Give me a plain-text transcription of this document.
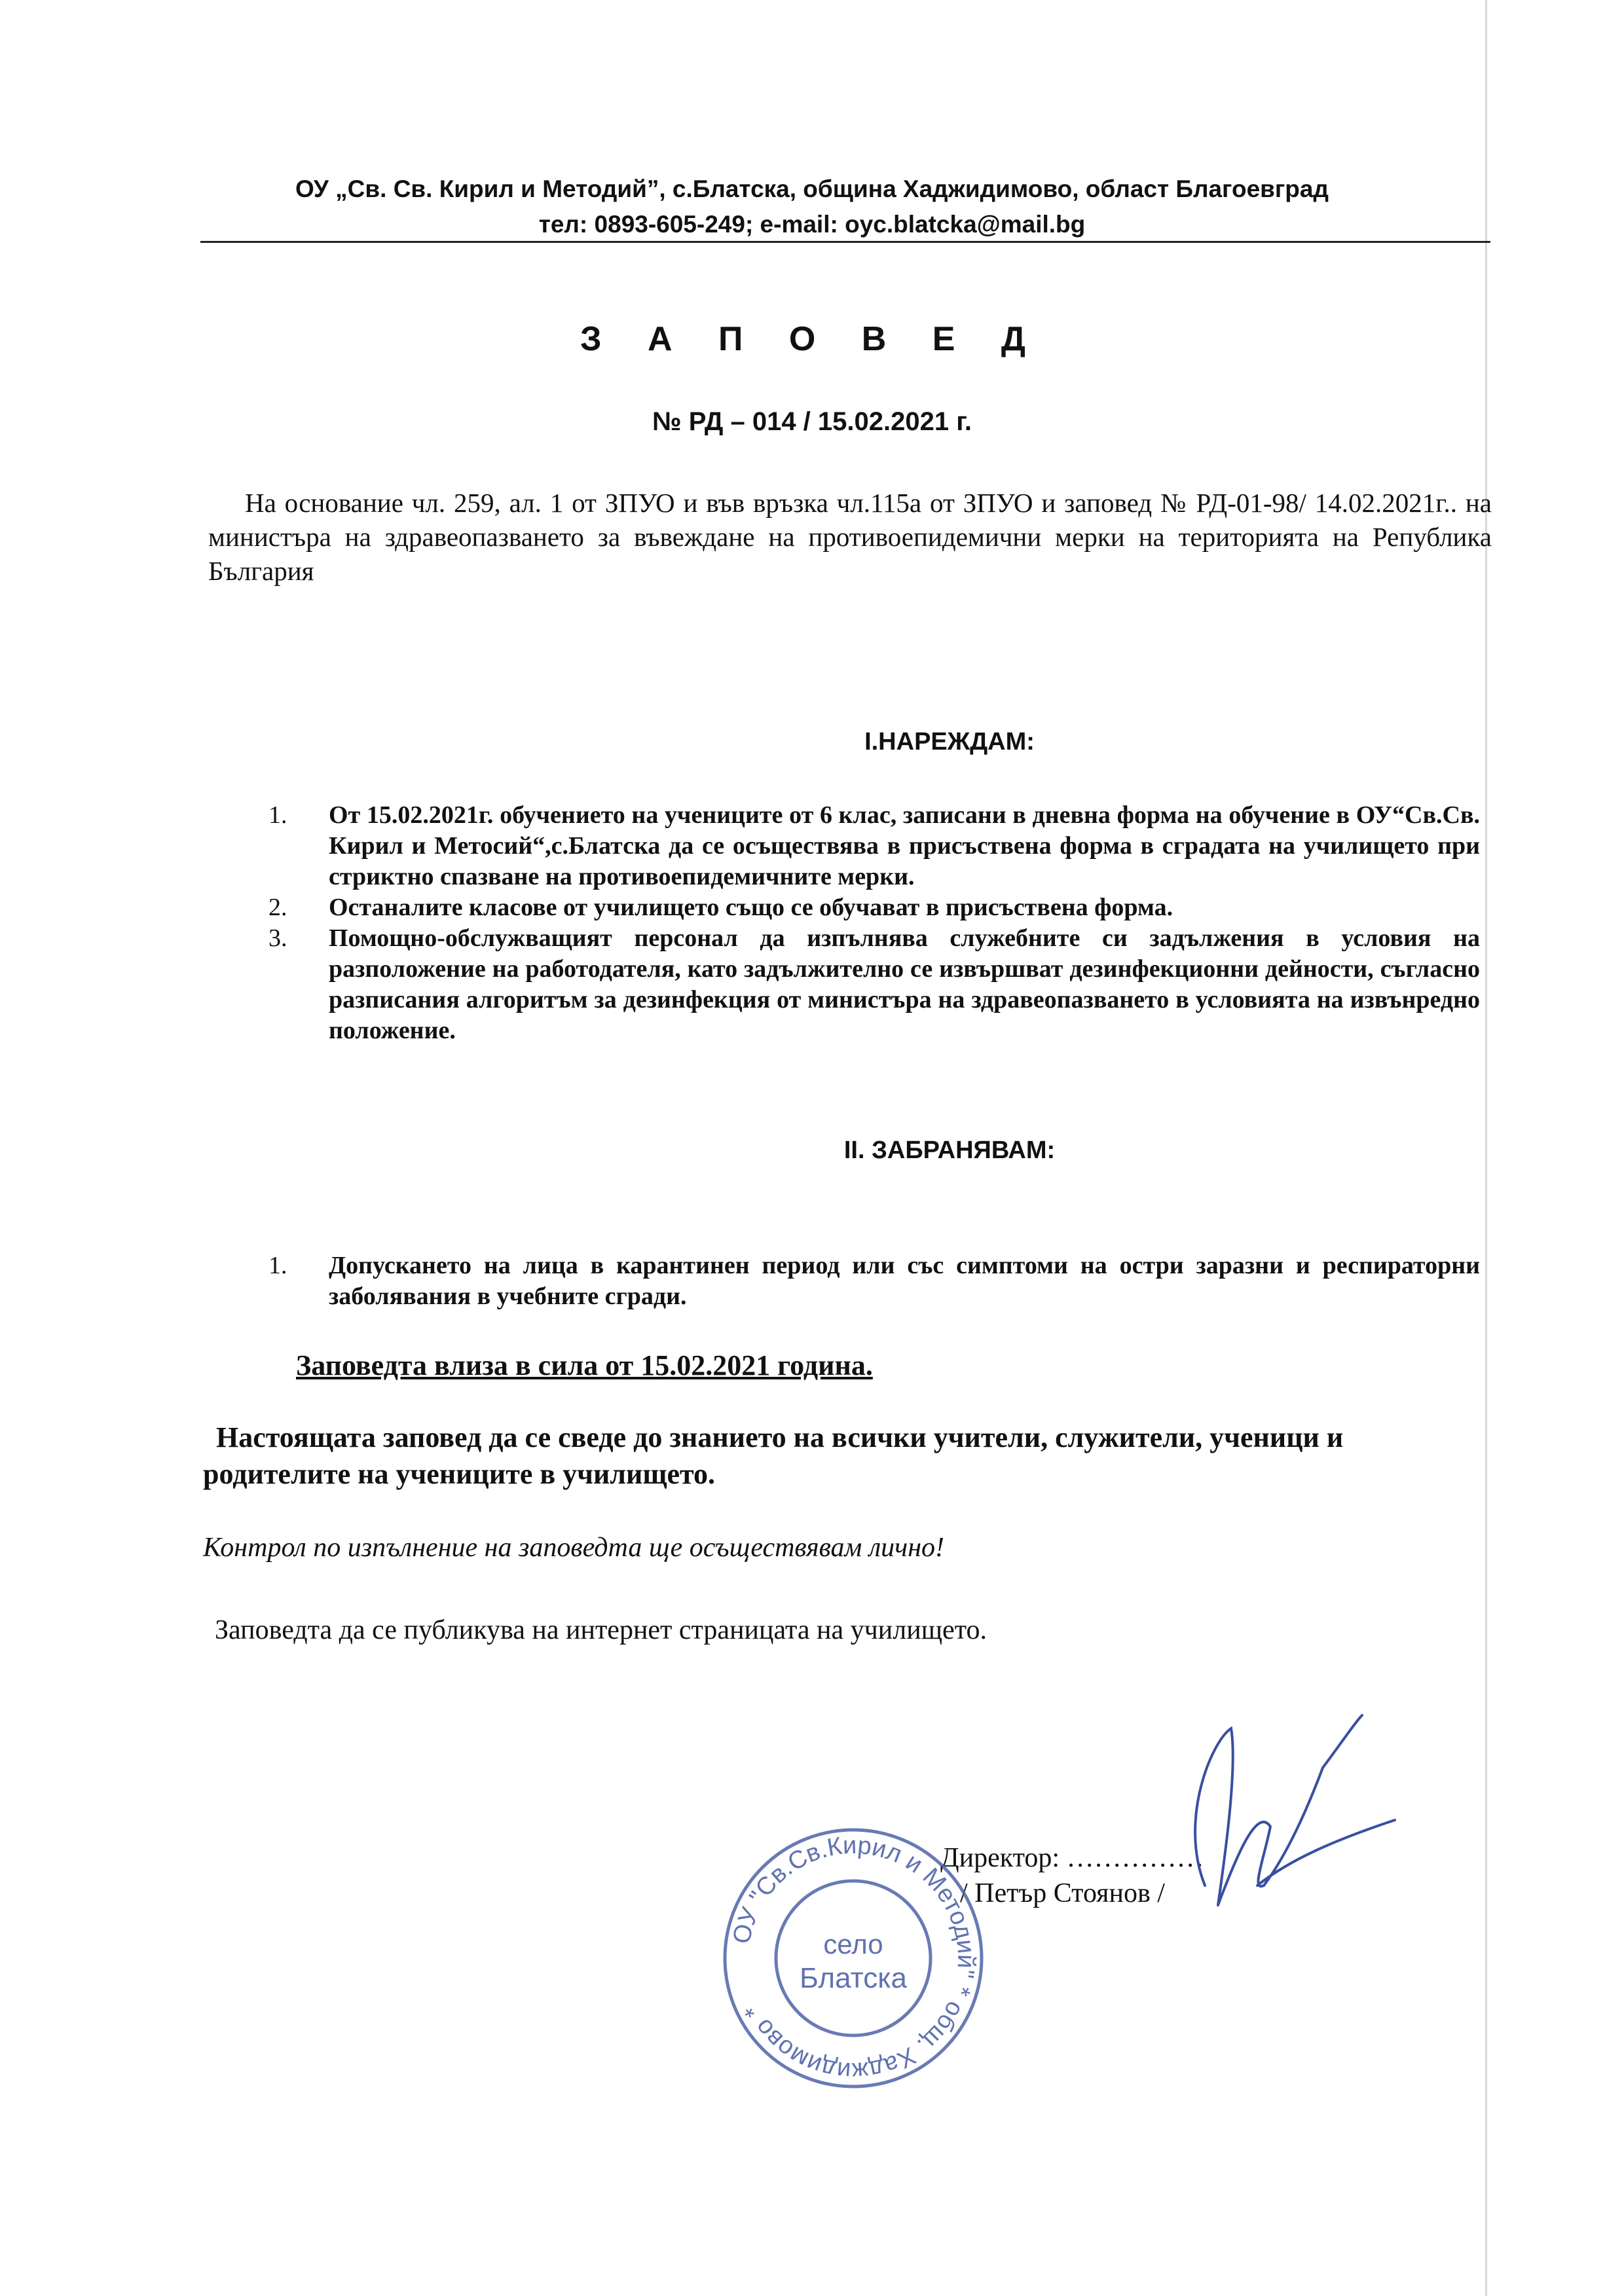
ОУ „Св. Св. Кирил и Методий”, с.Блатска, община Хаджидимово, област Благоевград
тел: 0893-605-249; e-mail: oyc.blatcka@mail.bg
З А П О В Е Д
№ РД – 014 / 15.02.2021 г.
На основание чл. 259, ал. 1 от ЗПУО и във връзка чл.115а от ЗПУО и заповед № РД-01-98/ 14.02.2021г.. на министъра на здравеопазването за въвеждане на противоепидемични мерки на територията на Република България
I.НАРЕЖДАМ:
1. От 15.02.2021г. обучението на учениците от 6 клас, записани в дневна форма на обучение в ОУ“Св.Св. Кирил и Метосий“,с.Блатска да се осъществява в присъствена форма в сградата на училището при стриктно спазване на противоепидемичните мерки.
2. Останалите класове от училището също се обучават в присъствена форма.
3. Помощно-обслужващият персонал да изпълнява служебните си задължения в условия на разположение на работодателя, като задължително се извършват дезинфекционни дейности, съгласно разписания алгоритъм за дезинфекция от министъра на здравеопазването в условията на извънредно положение.
II. ЗАБРАНЯВАМ:
1. Допускането на лица в карантинен период или със симптоми на остри заразни и респираторни заболявания в учебните сгради.
Заповедта влиза в сила от 15.02.2021 година.
Настоящата заповед да се сведе до знанието на всички учители, служители, ученици и родителите на учениците в училището.
Контрол по изпълнение на заповедта ще осъществявам лично!
Заповедта да се публикува на интернет страницата на училището.
Директор: ……………
/ Петър Стоянов /
ОУ "Св.Св.Кирил и Методий" * общ. Хаджидимово *
село
Блатска
